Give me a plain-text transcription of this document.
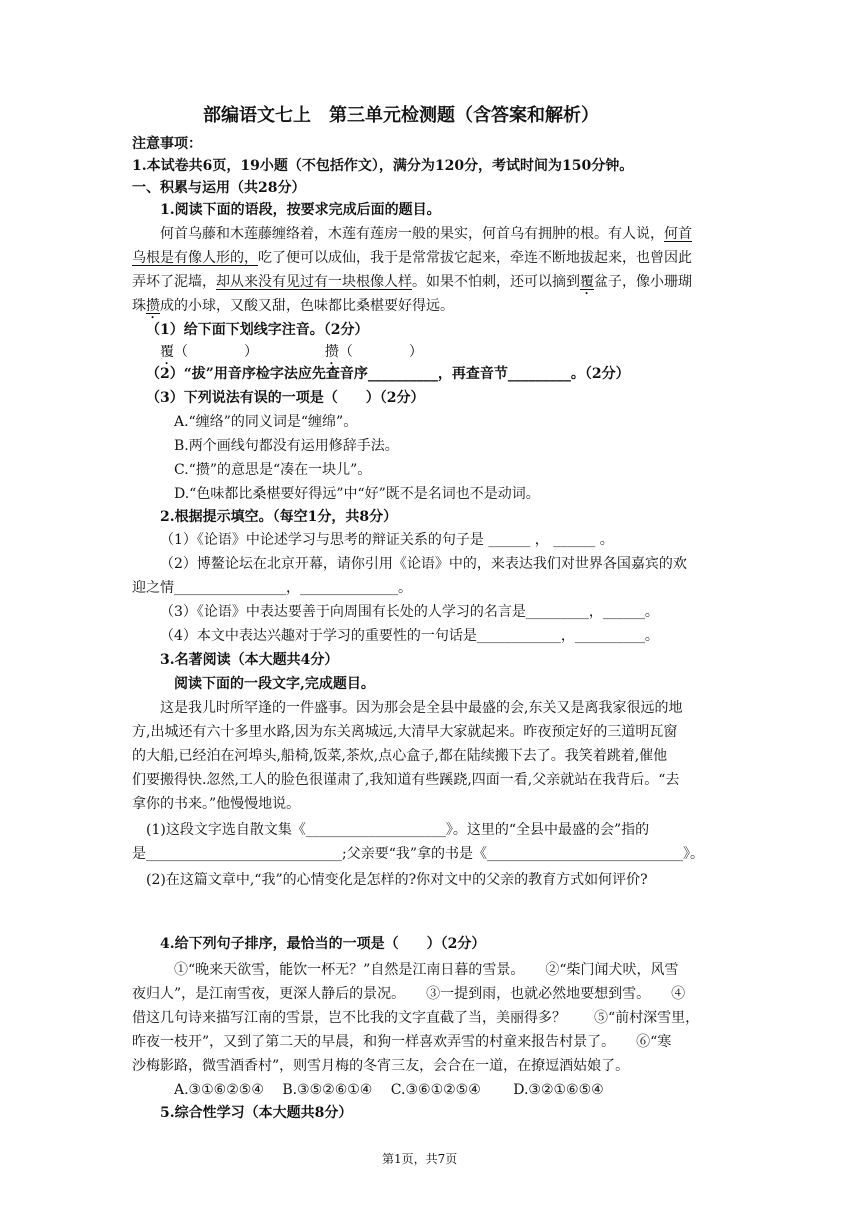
部编语文七上　第三单元检测题（含答案和解析）
注意事项：
1.本试卷共6页，19小题（不包括作文），满分为120分，考试时间为150分钟。
一、积累与运用（共28分）
1.阅读下面的语段，按要求完成后面的题目。
何首乌藤和木莲藤缠络着，木莲有莲房一般的果实，何首乌有拥肿的根。有人说，何首
乌根是有像人形的，吃了便可以成仙，我于是常常拔它起来，牵连不断地拔起来，也曾因此
弄坏了泥墙，却从来没有见过有一块根像人样。如果不怕刺，还可以摘到覆盆子，像小珊瑚
珠攒成的小球，又酸又甜，色味都比桑椹要好得远。
（1）给下面下划线字注音。（2分）
覆（　　　　）	攒（　　　　）
（2）“拔”用音序检字法应先查音序__________，再查音节_________。（2分）
（3）下列说法有误的一项是（　　）（2分）
A.“缠络”的同义词是“缠绵”。
B.两个画线句都没有运用修辞手法。
C.“攒”的意思是“凑在一块儿”。
D.“色味都比桑椹要好得远”中“好”既不是名词也不是动词。
2.根据提示填空。（每空1分，共8分）
（1）《论语》中论述学习与思考的辩证关系的句子是 ______ ， ______ 。
（2）博鳌论坛在北京开幕，请你引用《论语》中的，来表达我们对世界各国嘉宾的欢
迎之情________________，______________。
（3）《论语》中表达要善于向周围有长处的人学习的名言是_________，______。
（4）本文中表达兴趣对于学习的重要性的一句话是____________，__________。
3.名著阅读（本大题共4分）
阅读下面的一段文字,完成题目。
这是我儿时所罕逢的一件盛事。因为那会是全县中最盛的会,东关又是离我家很远的地
方,出城还有六十多里水路,因为东关离城远,大清早大家就起来。昨夜预定好的三道明瓦窗
的大船,已经泊在河埠头,船椅,饭菜,茶炊,点心盒子,都在陆续搬下去了。我笑着跳着,催他
们要搬得快.忽然,工人的脸色很谨肃了,我知道有些蹊跷,四面一看,父亲就站在我背后。“去
拿你的书来。”他慢慢地说。
(1)这段文字选自散文集《____________________》。这里的“全县中最盛的会”指的
是____________________________;父亲要“我”拿的书是《____________________________》。
(2)在这篇文章中,“我”的心情变化是怎样的?你对文中的父亲的教育方式如何评价?
4.给下列句子排序，最恰当的一项是（　　）（2分）
①“晚来天欲雪，能饮一杯无？”自然是江南日暮的雪景。　　②“柴门闻犬吠，风雪
夜归人”，是江南雪夜，更深人静后的景况。　　③一提到雨，也就必然地要想到雪。　　④
借这几句诗来描写江南的雪景，岂不比我的文字直截了当，美丽得多？　　⑤“前村深雪里，
昨夜一枝开”，又到了第二天的早晨，和狗一样喜欢弄雪的村童来报告村景了。　　⑥“寒
沙梅影路，微雪酒香村”，则雪月梅的冬宵三友，会合在一道，在撩逗酒姑娘了。
A.③①⑥②⑤④　 B.③⑤②⑥①④　 C.③⑥①②⑤④　　 D.③②①⑥⑤④
5.综合性学习（本大题共8分）
第1页，共7页
